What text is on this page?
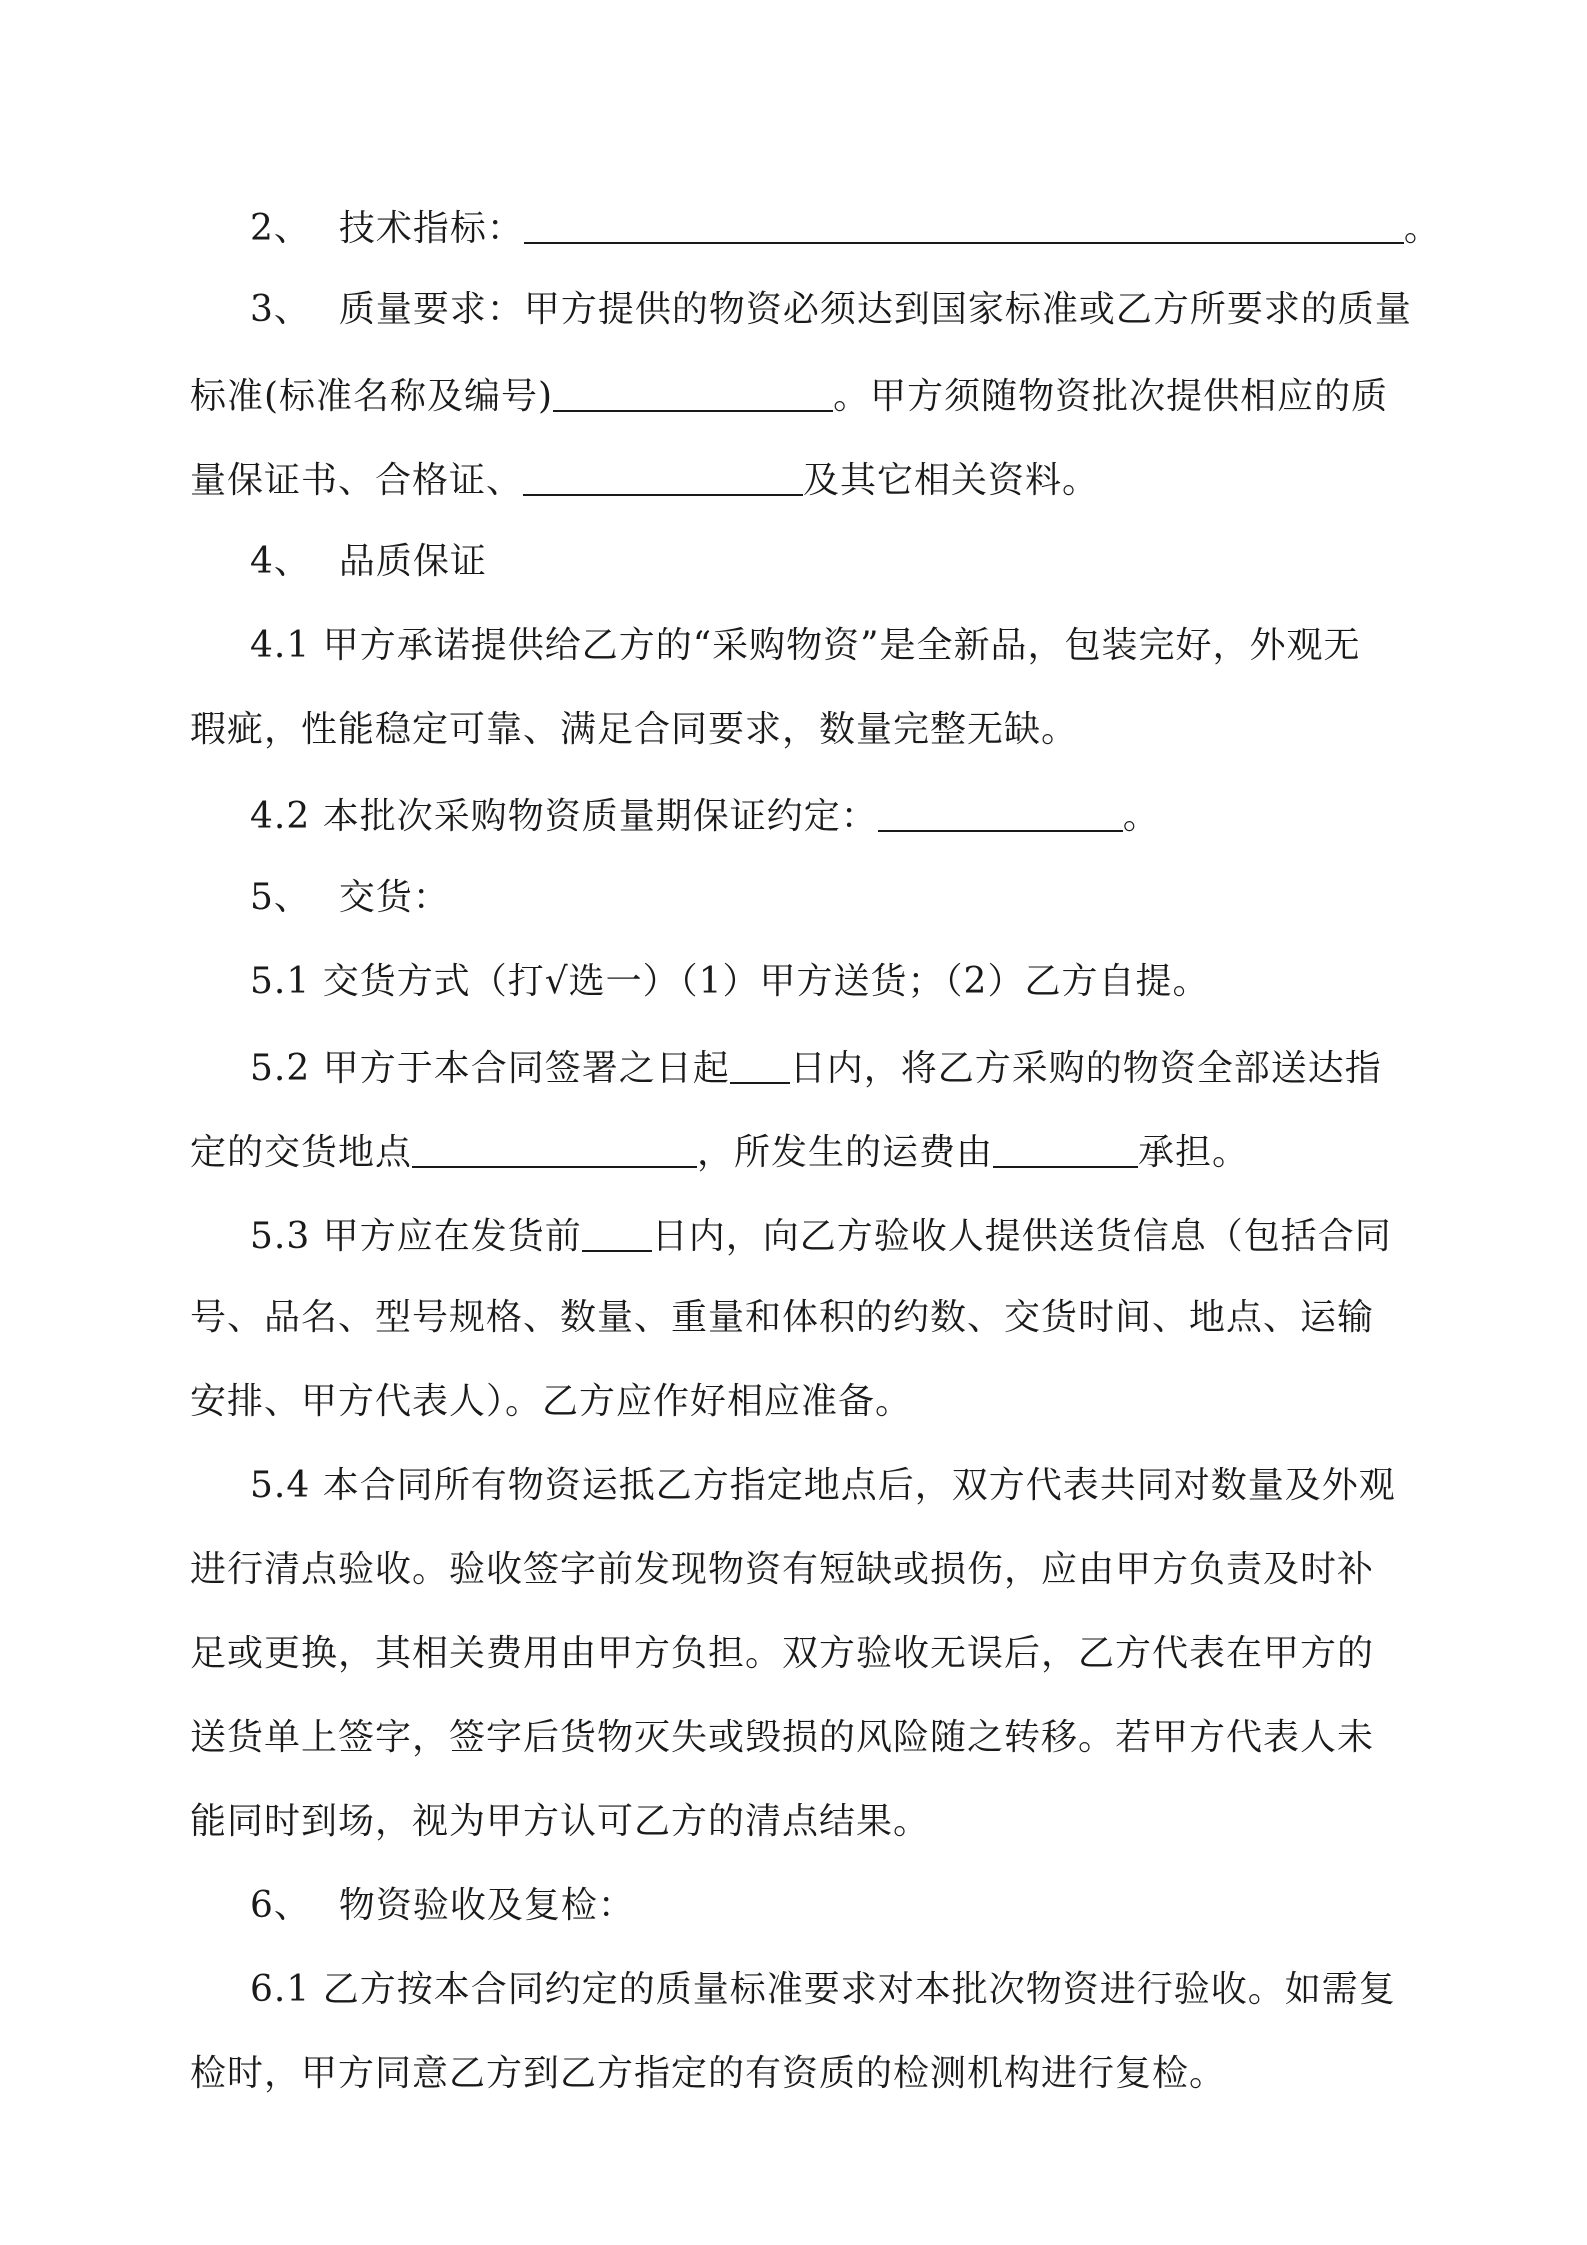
2、 技术指标：	。
3、 质量要求：甲方提供的物资必须达到国家标准或乙方所要求的质量
标准(标准名称及编号)	。甲方须随物资批次提供相应的质
量保证书、合格证、	及其它相关资料。
4、 品质保证
4.1 甲方承诺提供给乙方的“采购物资”是全新品，包装完好，外观无
瑕疵，性能稳定可靠、满足合同要求，数量完整无缺。
4.2 本批次采购物资质量期保证约定：	。
5、 交货：
5.1 交货方式（打√选一）（1）甲方送货；（2）乙方自提。
5.2 甲方于本合同签署之日起 日内，将乙方采购的物资全部送达指
定的交货地点	，所发生的运费由	承担。
5.3 甲方应在发货前 日内，向乙方验收人提供送货信息（包括合同
号、品名、型号规格、数量、重量和体积的约数、交货时间、地点、运输
安排、甲方代表人）。乙方应作好相应准备。
5.4 本合同所有物资运抵乙方指定地点后，双方代表共同对数量及外观
进行清点验收。验收签字前发现物资有短缺或损伤，应由甲方负责及时补
足或更换，其相关费用由甲方负担。双方验收无误后，乙方代表在甲方的
送货单上签字，签字后货物灭失或毁损的风险随之转移。若甲方代表人未
能同时到场，视为甲方认可乙方的清点结果。
6、 物资验收及复检：
6.1 乙方按本合同约定的质量标准要求对本批次物资进行验收。如需复
检时，甲方同意乙方到乙方指定的有资质的检测机构进行复检。
